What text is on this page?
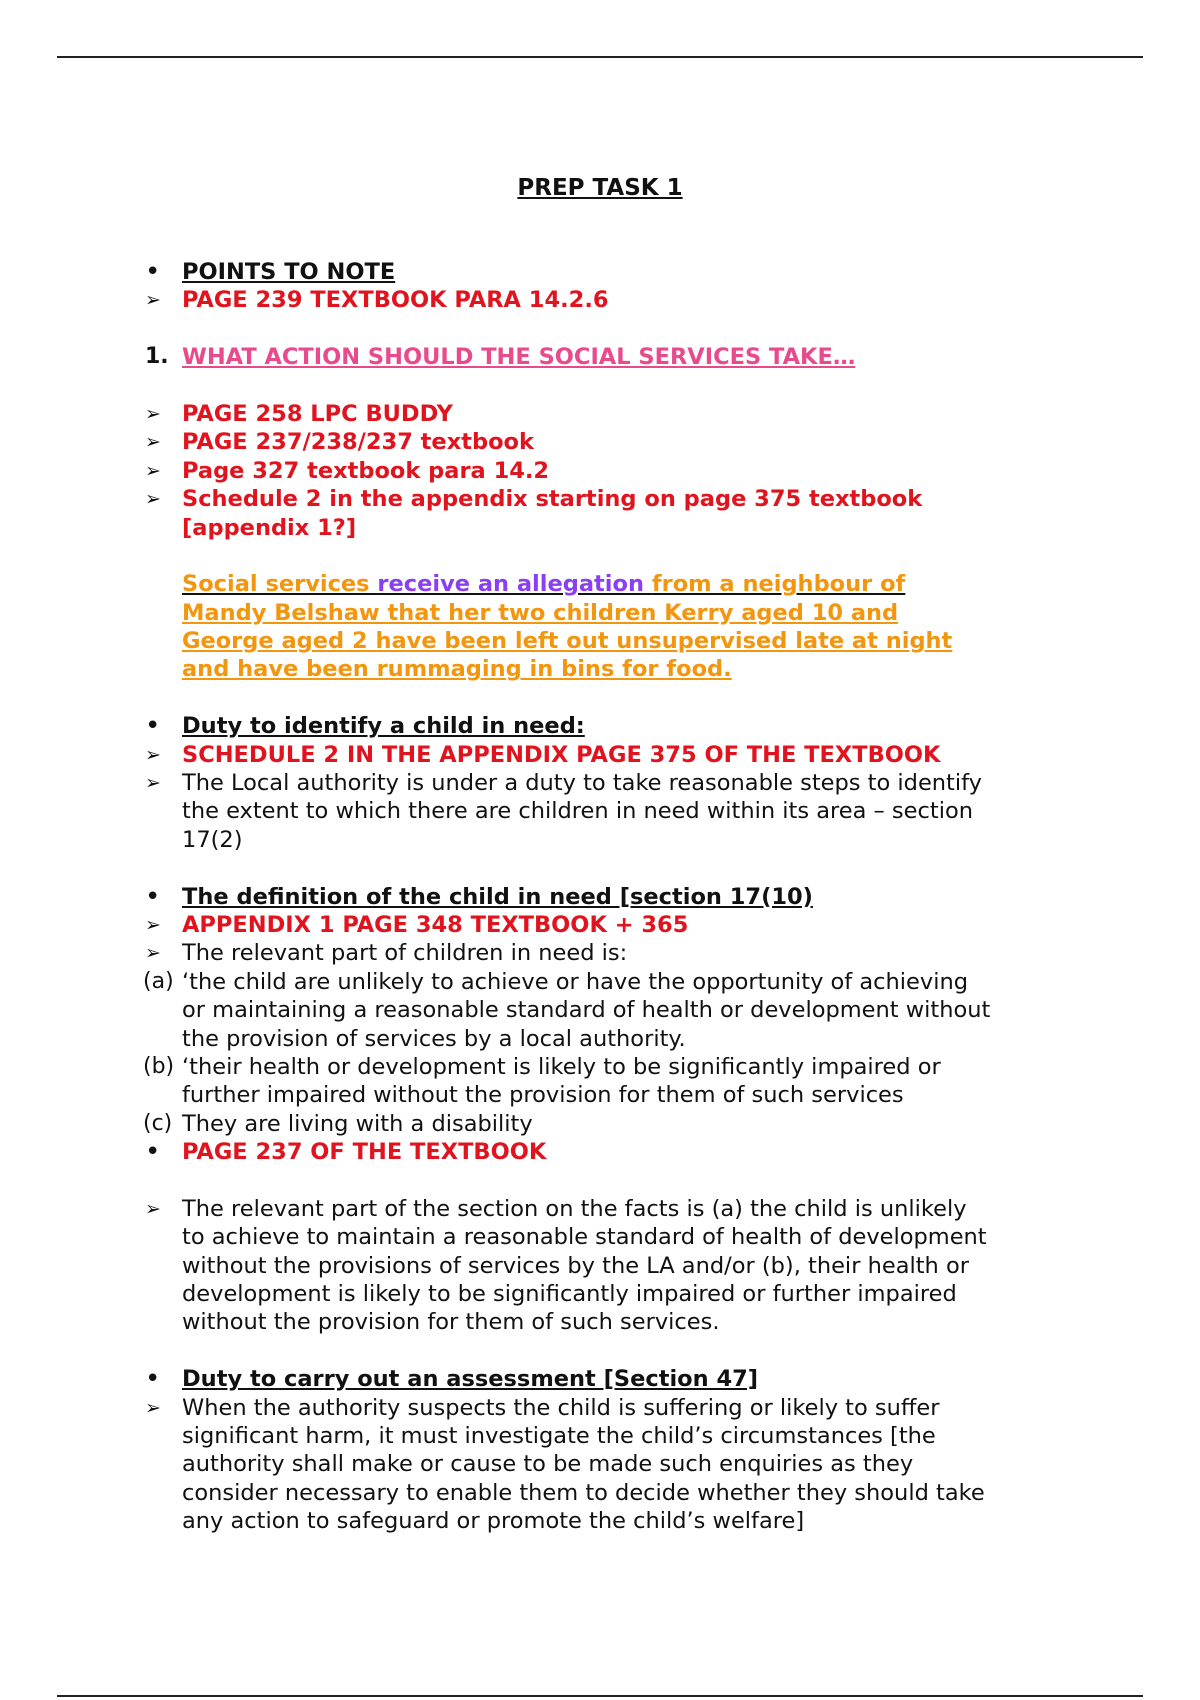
PREP TASK 1
• POINTS TO NOTE
➢ PAGE 239 TEXTBOOK PARA 14.2.6
1. WHAT ACTION SHOULD THE SOCIAL SERVICES TAKE…
➢ PAGE 258 LPC BUDDY
➢ PAGE 237/238/237 textbook
➢ Page 327 textbook para 14.2
➢ Schedule 2 in the appendix starting on page 375 textbook
[appendix 1?]
Social services receive an allegation from a neighbour of
Mandy Belshaw that her two children Kerry aged 10 and
George aged 2 have been left out unsupervised late at night
and have been rummaging in bins for food.
• Duty to identify a child in need:
➢ SCHEDULE 2 IN THE APPENDIX PAGE 375 OF THE TEXTBOOK
➢ The Local authority is under a duty to take reasonable steps to identify
the extent to which there are children in need within its area – section
17(2)
• The definition of the child in need [section 17(10)
➢ APPENDIX 1 PAGE 348 TEXTBOOK + 365
➢ The relevant part of children in need is:
(a) ‘the child are unlikely to achieve or have the opportunity of achieving
or maintaining a reasonable standard of health or development without
the provision of services by a local authority.
(b) ‘their health or development is likely to be significantly impaired or
further impaired without the provision for them of such services
(c) They are living with a disability
• PAGE 237 OF THE TEXTBOOK
➢ The relevant part of the section on the facts is (a) the child is unlikely
to achieve to maintain a reasonable standard of health of development
without the provisions of services by the LA and/or (b), their health or
development is likely to be significantly impaired or further impaired
without the provision for them of such services.
• Duty to carry out an assessment [Section 47]
➢ When the authority suspects the child is suffering or likely to suffer
significant harm, it must investigate the child’s circumstances [the
authority shall make or cause to be made such enquiries as they
consider necessary to enable them to decide whether they should take
any action to safeguard or promote the child’s welfare]
